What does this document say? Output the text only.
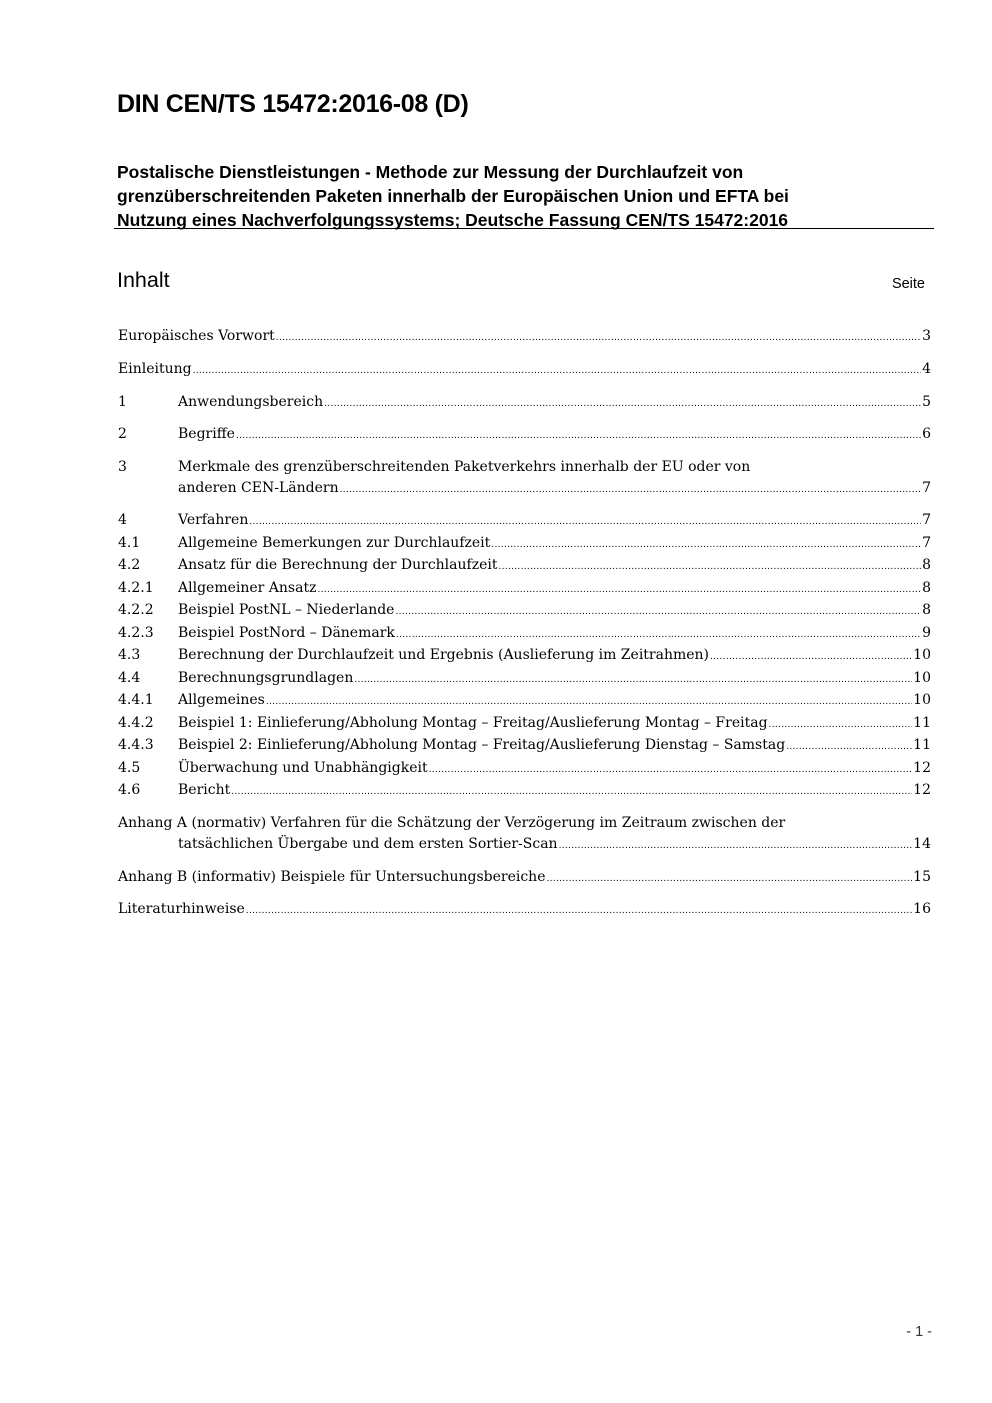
DIN CEN/TS 15472:2016-08 (D)
Postalische Dienstleistungen - Methode zur Messung der Durchlaufzeit von
grenzüberschreitenden Paketen innerhalb der Europäischen Union und EFTA bei
Nutzung eines Nachverfolgungssystems; Deutsche Fassung CEN/TS 15472:2016
Inhalt	Seite
Europäisches Vorwort .....	3
Einleitung .....	4
1	Anwendungsbereich .....	5
2	Begriffe .....	6
3	Merkmale des grenzüberschreitenden Paketverkehrs innerhalb der EU oder von
anderen CEN-Ländern .....	7
4	Verfahren .....	7
4.1	Allgemeine Bemerkungen zur Durchlaufzeit .....	7
4.2	Ansatz für die Berechnung der Durchlaufzeit .....	8
4.2.1	Allgemeiner Ansatz .....	8
4.2.2	Beispiel PostNL – Niederlande .....	8
4.2.3	Beispiel PostNord – Dänemark .....	9
4.3	Berechnung der Durchlaufzeit und Ergebnis (Auslieferung im Zeitrahmen) .....	10
4.4	Berechnungsgrundlagen .....	10
4.4.1	Allgemeines .....	10
4.4.2	Beispiel 1: Einlieferung/Abholung Montag – Freitag/Auslieferung Montag – Freitag .....	11
4.4.3	Beispiel 2: Einlieferung/Abholung Montag – Freitag/Auslieferung Dienstag – Samstag .....	11
4.5	Überwachung und Unabhängigkeit .....	12
4.6	Bericht .....	12
Anhang A (normativ) Verfahren für die Schätzung der Verzögerung im Zeitraum zwischen der
tatsächlichen Übergabe und dem ersten Sortier-Scan .....	14
Anhang B (informativ) Beispiele für Untersuchungsbereiche .....	15
Literaturhinweise .....	16
- 1 -
